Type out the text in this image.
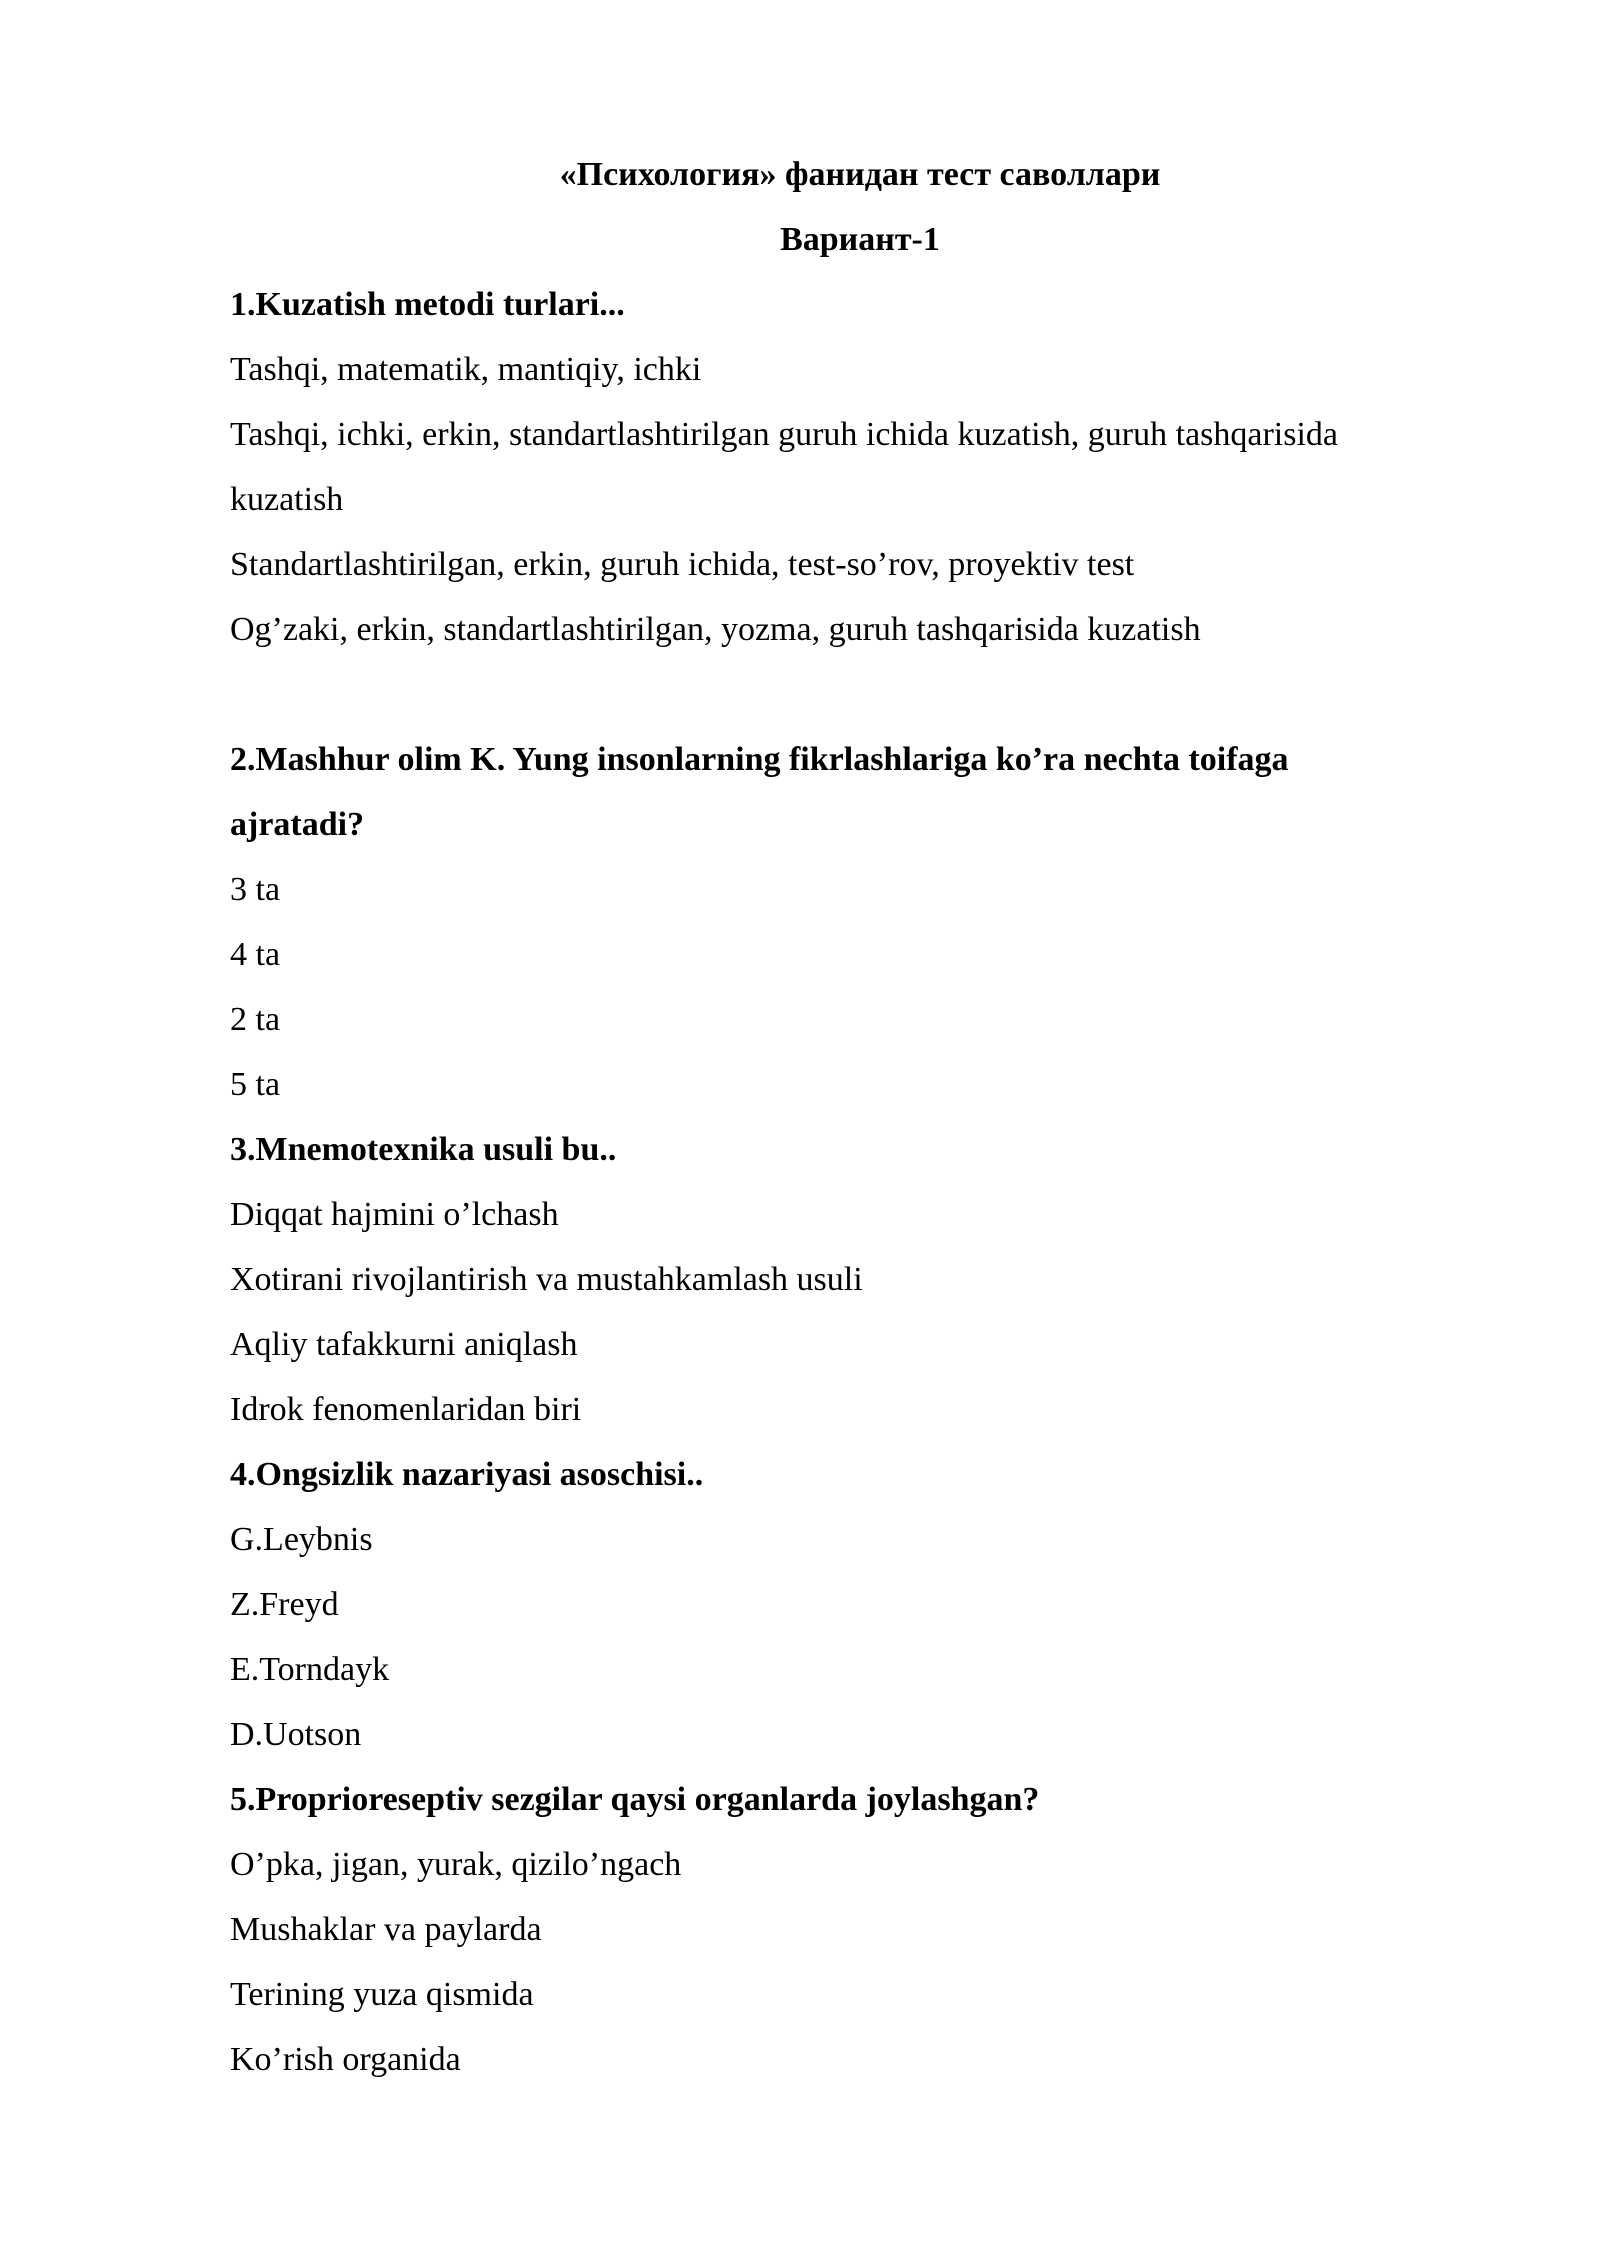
«Психология» фанидан тест саволлари
Вариант-1
1.Kuzatish metodi turlari...
Tashqi, matematik, mantiqiy, ichki
Tashqi, ichki, erkin, standartlashtirilgan guruh ichida kuzatish, guruh tashqarisida
kuzatish
Standartlashtirilgan, erkin, guruh ichida, test-so’rov, proyektiv test
Og’zaki, erkin, standartlashtirilgan, yozma, guruh tashqarisida kuzatish
2.Mashhur olim K. Yung insonlarning fikrlashlariga ko’ra nechta toifaga
ajratadi?
3 ta
4 ta
2 ta
5 ta
3.Mnemotexnika usuli bu..
Diqqat hajmini o’lchash
Xotirani rivojlantirish va mustahkamlash usuli
Aqliy tafakkurni aniqlash
Idrok fenomenlaridan biri
4.Ongsizlik nazariyasi asoschisi..
G.Leybnis
Z.Freyd
E.Torndayk
D.Uotson
5.Proprioreseptiv sezgilar qaysi organlarda joylashgan?
O’pka, jigan, yurak, qizilo’ngach
Mushaklar va paylarda
Terining yuza qismida
Ko’rish organida
